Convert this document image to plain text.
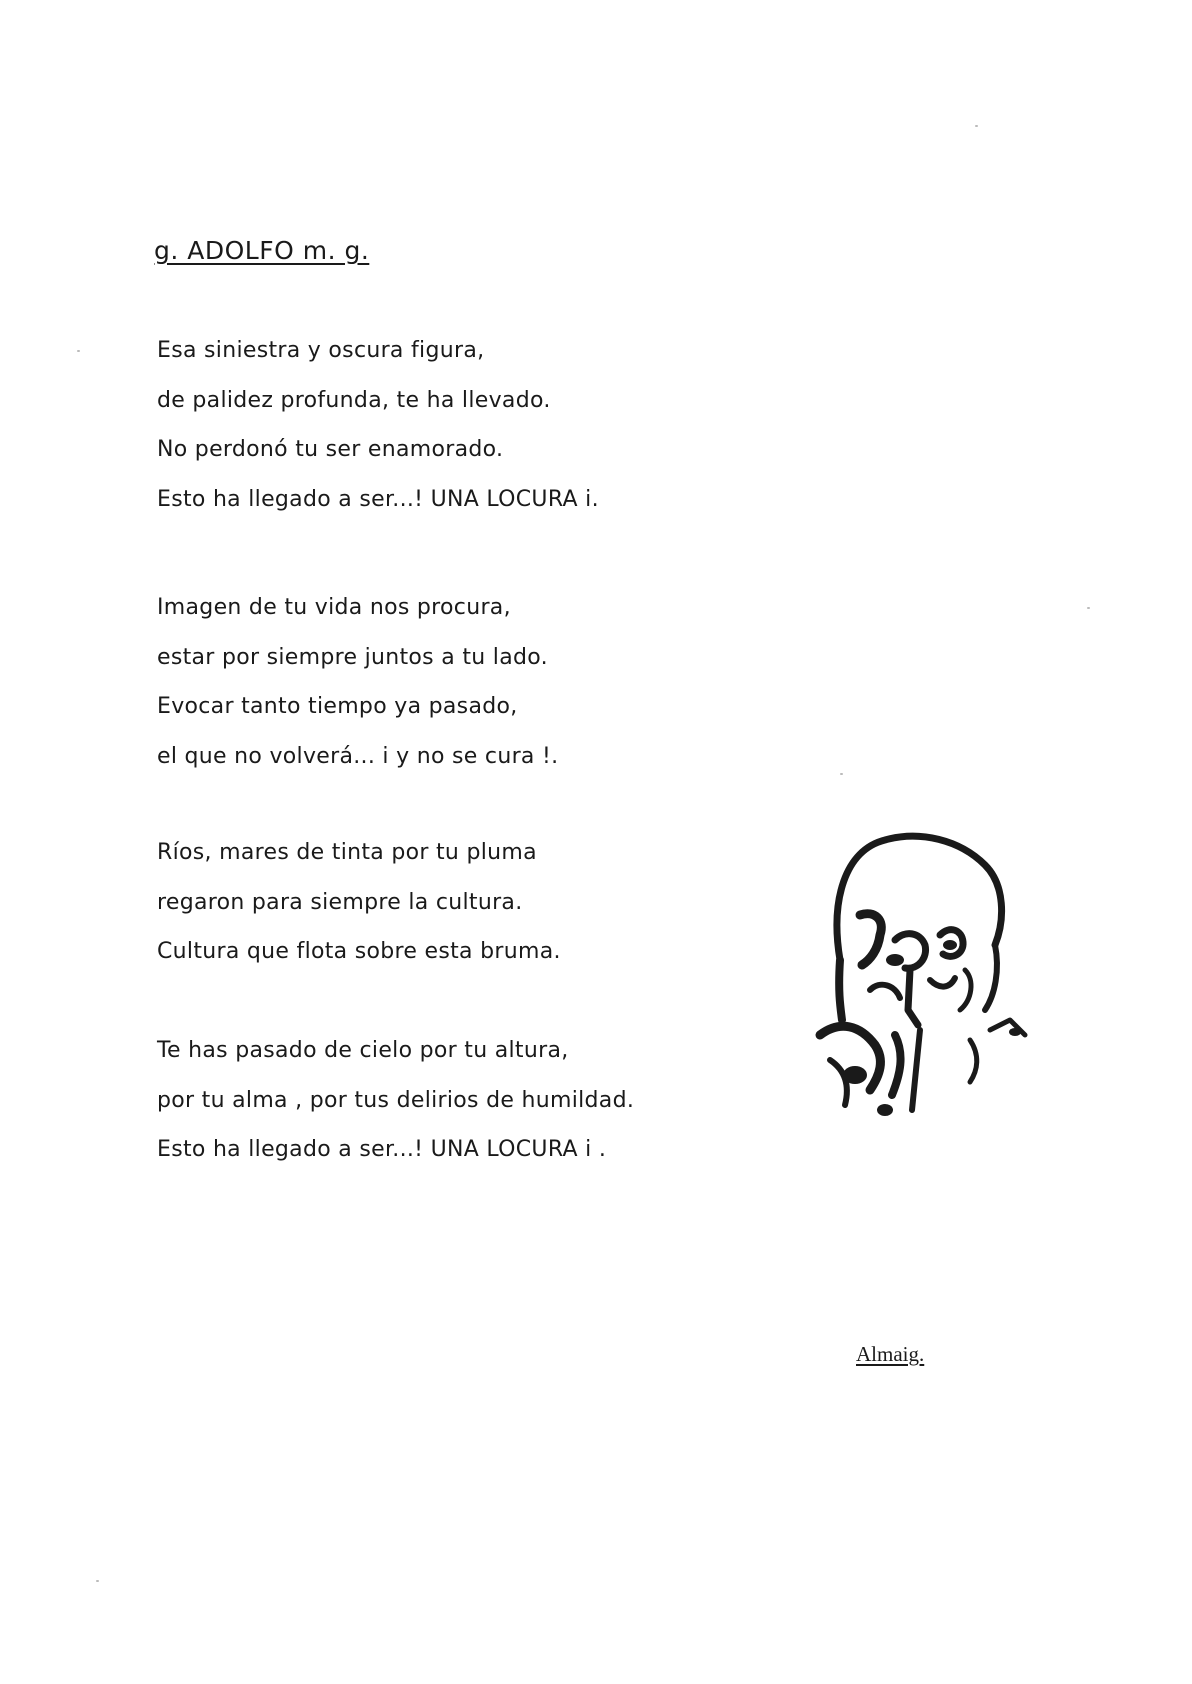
g. ADOLFO m. g.
Esa siniestra y oscura figura,
de palidez profunda, te ha llevado.
No perdonó tu ser enamorado.
Esto ha llegado a ser...! UNA LOCURA i.
Imagen de tu vida nos procura,
estar por siempre juntos a tu lado.
Evocar tanto tiempo ya pasado,
el que no volverá... i y no se cura !.
Ríos, mares de tinta por tu pluma
regaron para siempre la cultura.
Cultura que flota sobre esta bruma.
Te has pasado de cielo por tu altura,
por tu alma , por tus delirios de humildad.
Esto ha llegado a ser...! UNA LOCURA i .
Almaig.
